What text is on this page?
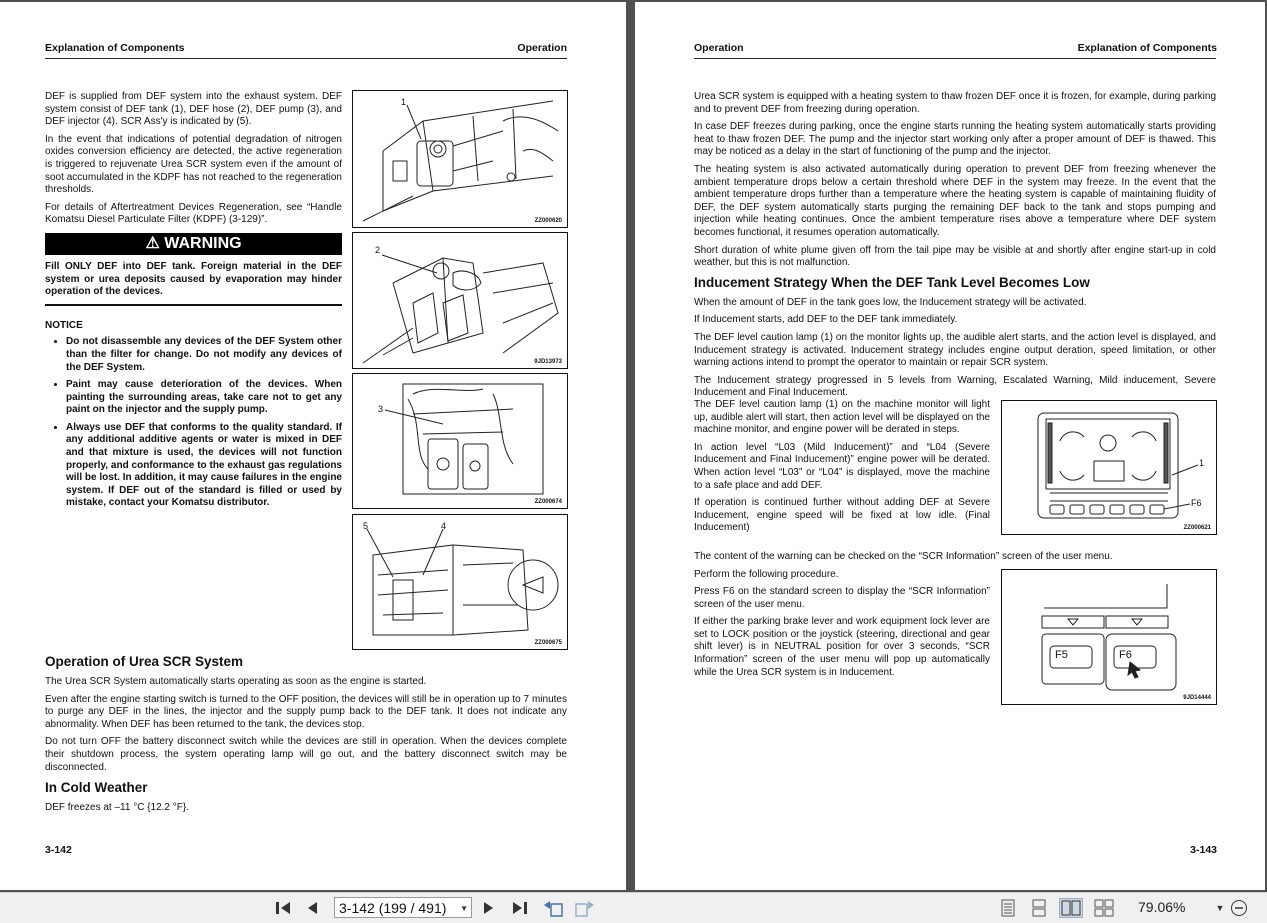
Explanation of Components	Operation

DEF is supplied from DEF system into the exhaust system. DEF system consist of DEF tank (1), DEF hose (2), DEF pump (3), and DEF injector (4). SCR Ass'y is indicated by (5).

In the event that indications of potential degradation of nitrogen oxides conversion efficiency are detected, the active regeneration is triggered to rejuvenate Urea SCR system even if the amount of soot accumulated in the KDPF has not reached to the regeneration thresholds.

For details of Aftertreatment Devices Regeneration, see “Handle Komatsu Diesel Particulate Filter (KDPF) (3-129)”.

⚠ WARNING
Fill ONLY DEF into DEF tank. Foreign material in the DEF system or urea deposits caused by evaporation may hinder operation of the devices.
NOTICE
• Do not disassemble any devices of the DEF System other than the filter for change. Do not modify any devices of the DEF System.
• Paint may cause deterioration of the devices. When painting the surrounding areas, take care not to get any paint on the injector and the supply pump.
• Always use DEF that conforms to the quality standard. If any additional additive agents or water is mixed in DEF and that mixture is used, the devices will not function properly, and conformance to the exhaust gas regulations will be lost. In addition, it may cause failures in the engine system. If DEF out of the standard is filled or used by mistake, contact your Komatsu distributor.
1
ZZ000620
2
9JD13973
3
ZZ000674
5	4
ZZ000675
Operation of Urea SCR System

The Urea SCR System automatically starts operating as soon as the engine is started.

Even after the engine starting switch is turned to the OFF position, the devices will still be in operation up to 7 minutes to purge any DEF in the lines, the injector and the supply pump back to the DEF tank. It does not indicate any abnormality. When DEF has been returned to the tank, the devices stop.

Do not turn OFF the battery disconnect switch while the devices are still in operation. When the devices complete their shutdown process, the system operating lamp will go out, and the battery disconnect switch may be disconnected.

In Cold Weather

DEF freezes at –11 °C {12.2 °F}.

3-142
Operation	Explanation of Components

Urea SCR system is equipped with a heating system to thaw frozen DEF once it is frozen, for example, during parking and to prevent DEF from freezing during operation.

In case DEF freezes during parking, once the engine starts running the heating system automatically starts providing heat to thaw frozen DEF. The pump and the injector start working only after a proper amount of DEF is thawed. This may be noticed as a delay in the start of functioning of the pump and the injector.

The heating system is also activated automatically during operation to prevent DEF from freezing whenever the ambient temperature drops below a certain threshold where DEF in the system may freeze. In the event that the ambient temperature drops further than a temperature where the heating system is capable of maintaining fluidity of DEF, the DEF system automatically starts purging the remaining DEF back to the tank and stops pumping and injection while heating continues. Once the ambient temperature rises above a temperature where DEF system becomes functional, it resumes operation automatically.

Short duration of white plume given off from the tail pipe may be visible at and shortly after engine start-up in cold weather, but this is not malfunction.

Inducement Strategy When the DEF Tank Level Becomes Low

When the amount of DEF in the tank goes low, the Inducement strategy will be activated.

If Inducement starts, add DEF to the DEF tank immediately.

The DEF level caution lamp (1) on the monitor lights up, the audible alert starts, and the action level is displayed, and Inducement strategy is activated. Inducement strategy includes engine output deration, speed limitation, or other warning actions intend to prompt the operator to maintain or repair SCR system.

The Inducement strategy progressed in 5 levels from Warning, Escalated Warning, Mild inducement, Severe Inducement and Final Inducement.

The DEF level caution lamp (1) on the machine monitor will light up, audible alert will start, then action level will be displayed on the machine monitor, and engine power will be derated in steps.

In action level “L03 (Mild Inducement)” and “L04 (Severe Inducement and Final Inducement)” engine power will be derated. When action level “L03” or “L04” is displayed, move the machine to a safe place and add DEF.

If operation is continued further without adding DEF at Severe Inducement, engine speed will be fixed at low idle. (Final Inducement)

The content of the warning can be checked on the “SCR Information” screen of the user menu.

Perform the following procedure.

Press F6 on the standard screen to display the “SCR Information” screen of the user menu.

If either the parking brake lever and work equipment lock lever are set to LOCK position or the joystick (steering, directional and gear shift lever) is in NEUTRAL position for over 3 seconds, “SCR Information” screen of the user menu will pop up automatically while the Urea SCR system is in Inducement.

1
F6
ZZ000621
F5	F6
9JD14444
3-143
3-142 (199 / 491) ▼	79.06%	▼
